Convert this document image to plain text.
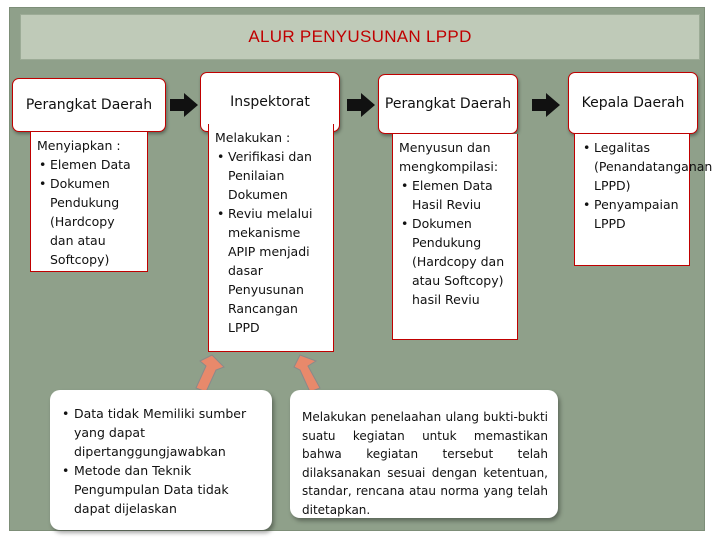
ALUR PENYUSUNAN LPPD
Perangkat Daerah

Menyiapkan :

• Elemen Data
• Dokumen Pendukung (Hardcopy dan atau Softcopy)
Inspektorat

Melakukan :

• Verifikasi dan Penilaian Dokumen
• Reviu melalui mekanisme APIP menjadi dasar Penyusunan Rancangan LPPD
Perangkat Daerah

Menyusun dan mengkompilasi:

• Elemen Data Hasil Reviu
• Dokumen Pendukung (Hardcopy dan atau Softcopy) hasil Reviu
Kepala Daerah
• Legalitas (Penandatanganan LPPD)
• Penyampaian LPPD
• Data tidak Memiliki sumber yang dapat dipertanggungjawabkan
• Metode dan Teknik Pengumpulan Data tidak dapat dijelaskan
Melakukan penelaahan ulang bukti-bukti suatu kegiatan untuk memastikan bahwa kegiatan tersebut telah dilaksanakan sesuai dengan ketentuan, standar, rencana atau norma yang telah ditetapkan.
